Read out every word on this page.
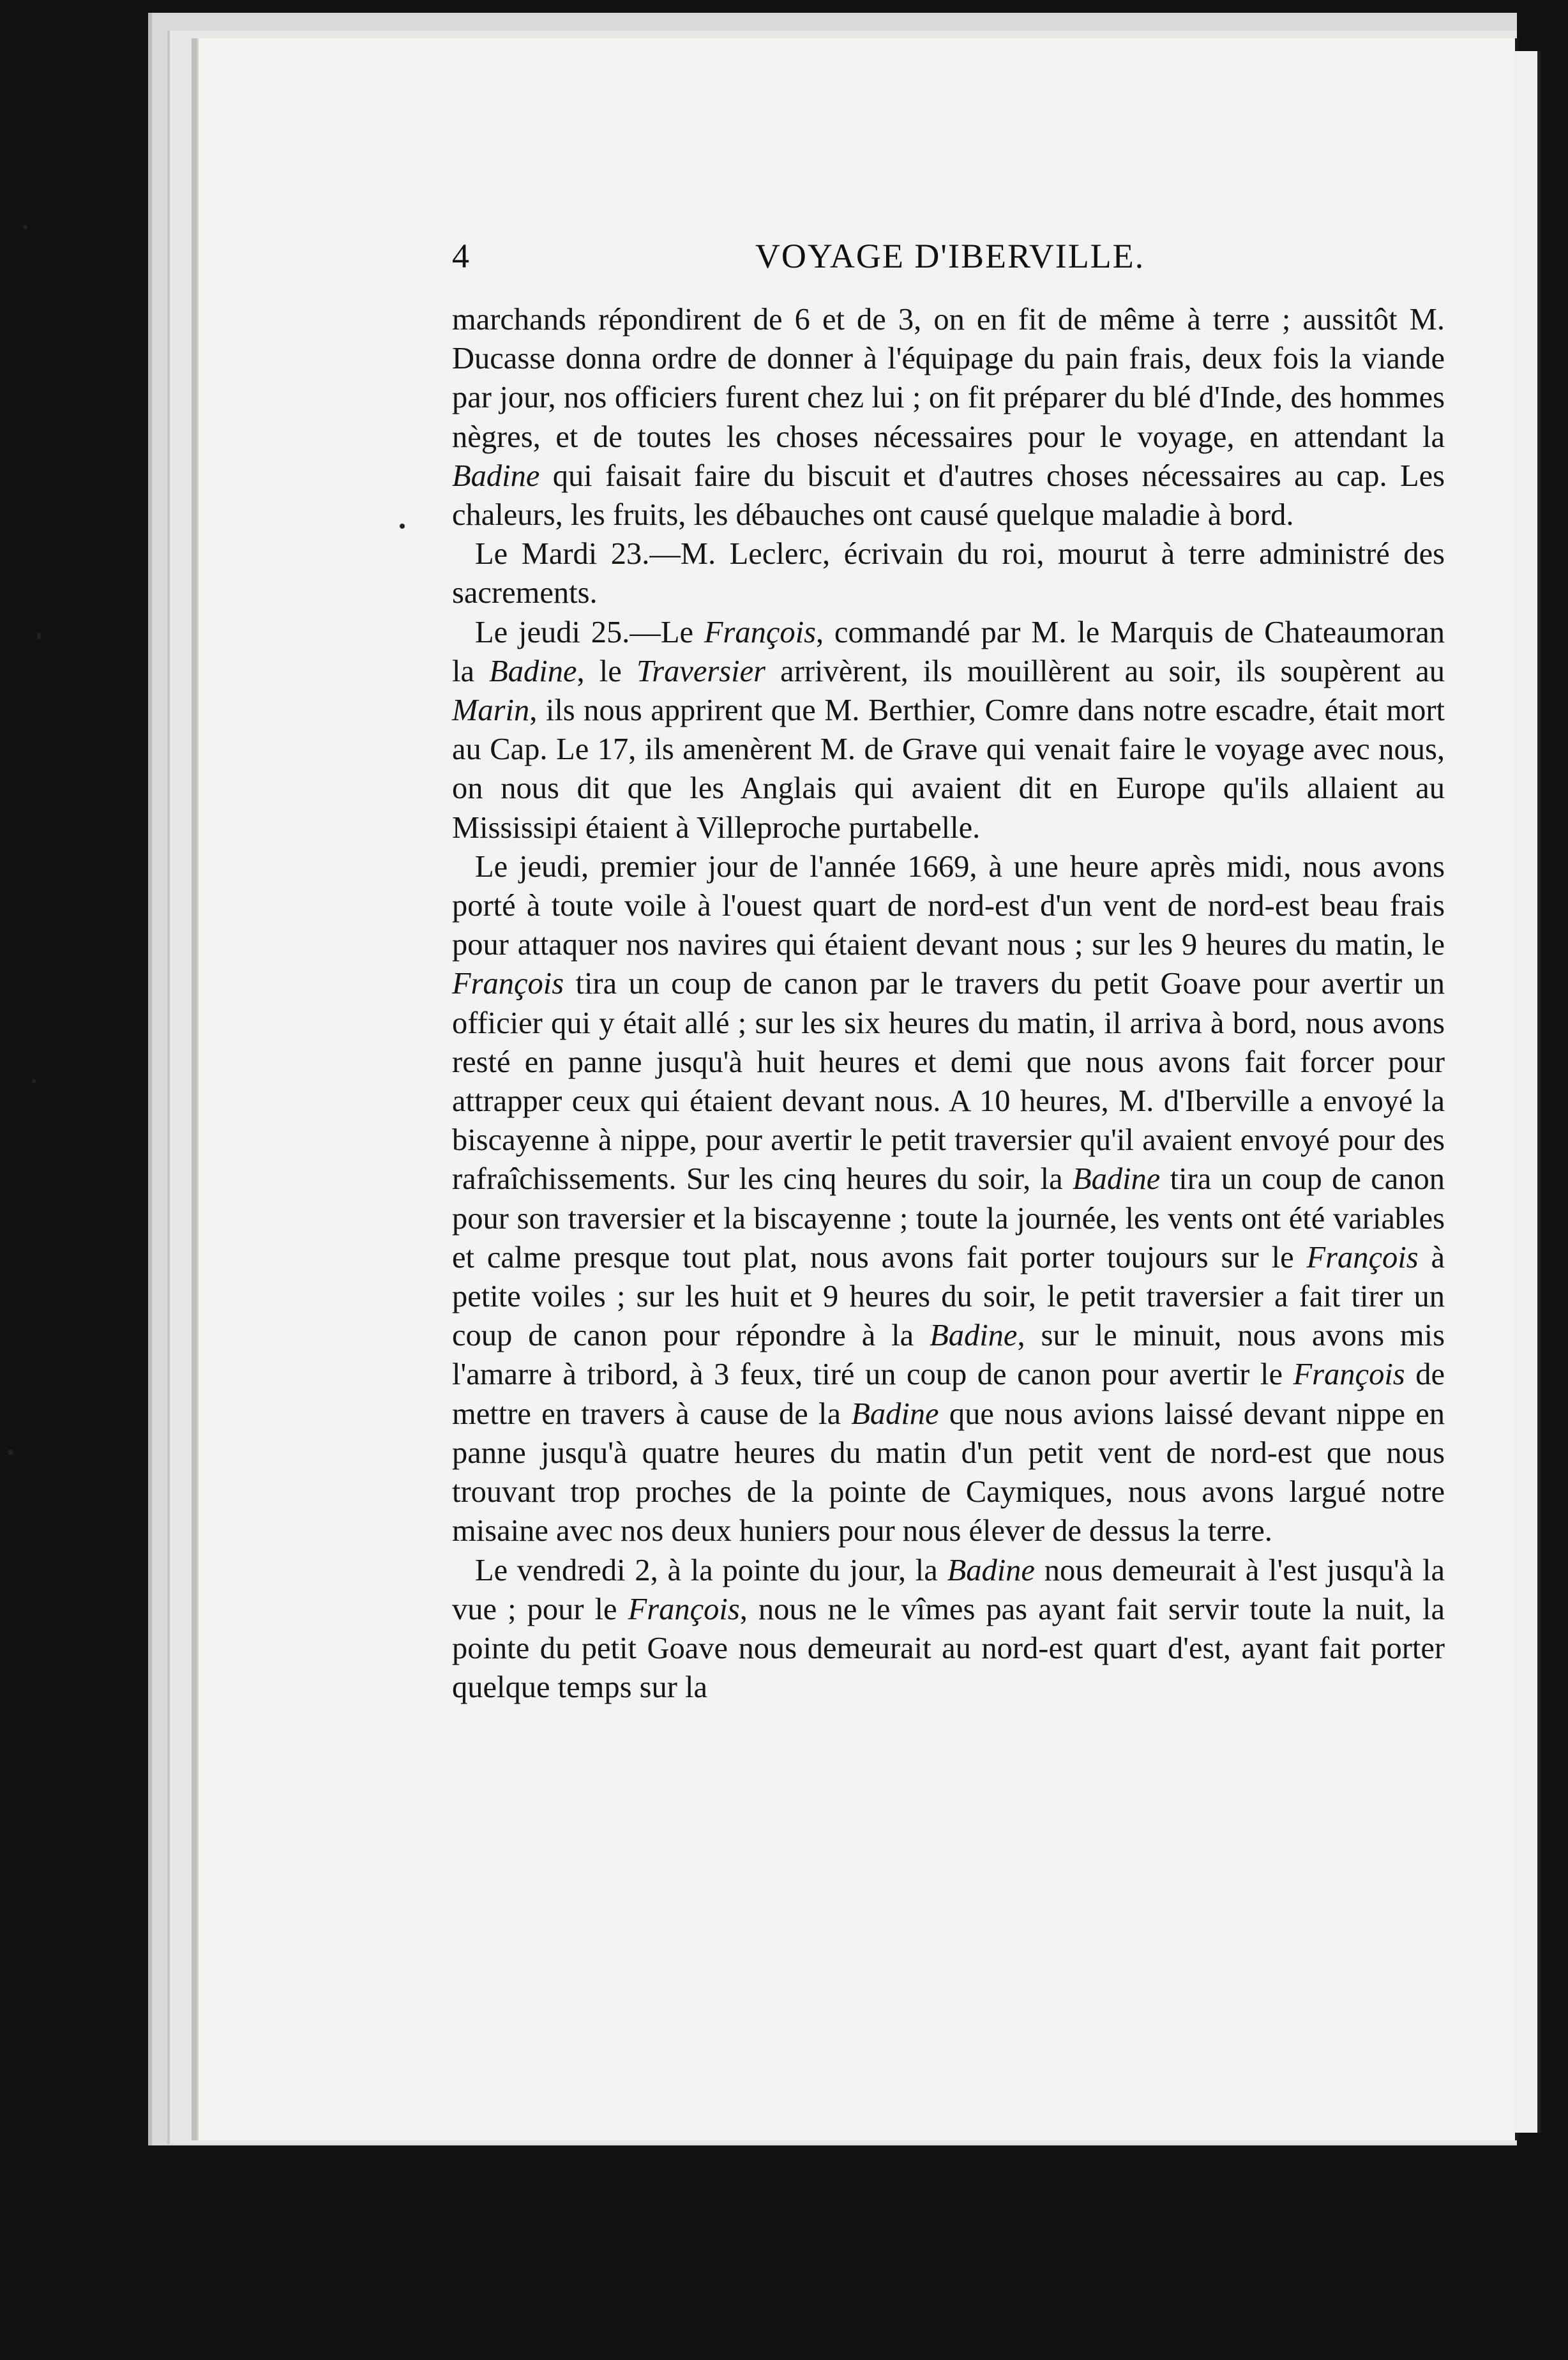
4	VOYAGE D'IBERVILLE.

marchands répondirent de 6 et de 3, on en fit de même à terre ; aussitôt M. Ducasse donna ordre de donner à l'équipage du pain frais, deux fois la viande par jour, nos officiers furent chez lui ; on fit préparer du blé d'Inde, des hommes nègres, et de toutes les choses nécessaires pour le voyage, en attendant la Badine qui faisait faire du biscuit et d'autres choses nécessaires au cap. Les chaleurs, les fruits, les débauches ont causé quelque maladie à bord.

Le Mardi 23.—M. Leclerc, écrivain du roi, mourut à terre administré des sacrements.

Le jeudi 25.—Le François, commandé par M. le Marquis de Chateaumoran la Badine, le Traversier arrivèrent, ils mouillèrent au soir, ils soupèrent au Marin, ils nous apprirent que M. Berthier, Comre dans notre escadre, était mort au Cap. Le 17, ils amenèrent M. de Grave qui venait faire le voyage avec nous, on nous dit que les Anglais qui avaient dit en Europe qu'ils allaient au Mississipi étaient à Villeproche purtabelle.

Le jeudi, premier jour de l'année 1669, à une heure après midi, nous avons porté à toute voile à l'ouest quart de nord-est d'un vent de nord-est beau frais pour attaquer nos navires qui étaient devant nous ; sur les 9 heures du matin, le François tira un coup de canon par le travers du petit Goave pour avertir un officier qui y était allé ; sur les six heures du matin, il arriva à bord, nous avons resté en panne jusqu'à huit heures et demi que nous avons fait forcer pour attrapper ceux qui étaient devant nous. A 10 heures, M. d'Iberville a envoyé la biscayenne à nippe, pour avertir le petit traversier qu'il avaient envoyé pour des rafraîchissements. Sur les cinq heures du soir, la Badine tira un coup de canon pour son traversier et la biscayenne ; toute la journée, les vents ont été variables et calme presque tout plat, nous avons fait porter toujours sur le François à petite voiles ; sur les huit et 9 heures du soir, le petit traversier a fait tirer un coup de canon pour répondre à la Badine, sur le minuit, nous avons mis l'amarre à tribord, à 3 feux, tiré un coup de canon pour avertir le François de mettre en travers à cause de la Badine que nous avions laissé devant nippe en panne jusqu'à quatre heures du matin d'un petit vent de nord-est que nous trouvant trop proches de la pointe de Caymiques, nous avons largué notre misaine avec nos deux huniers pour nous élever de dessus la terre.

Le vendredi 2, à la pointe du jour, la Badine nous demeurait à l'est jusqu'à la vue ; pour le François, nous ne le vîmes pas ayant fait servir toute la nuit, la pointe du petit Goave nous demeurait au nord-est quart d'est, ayant fait porter quelque temps sur la
